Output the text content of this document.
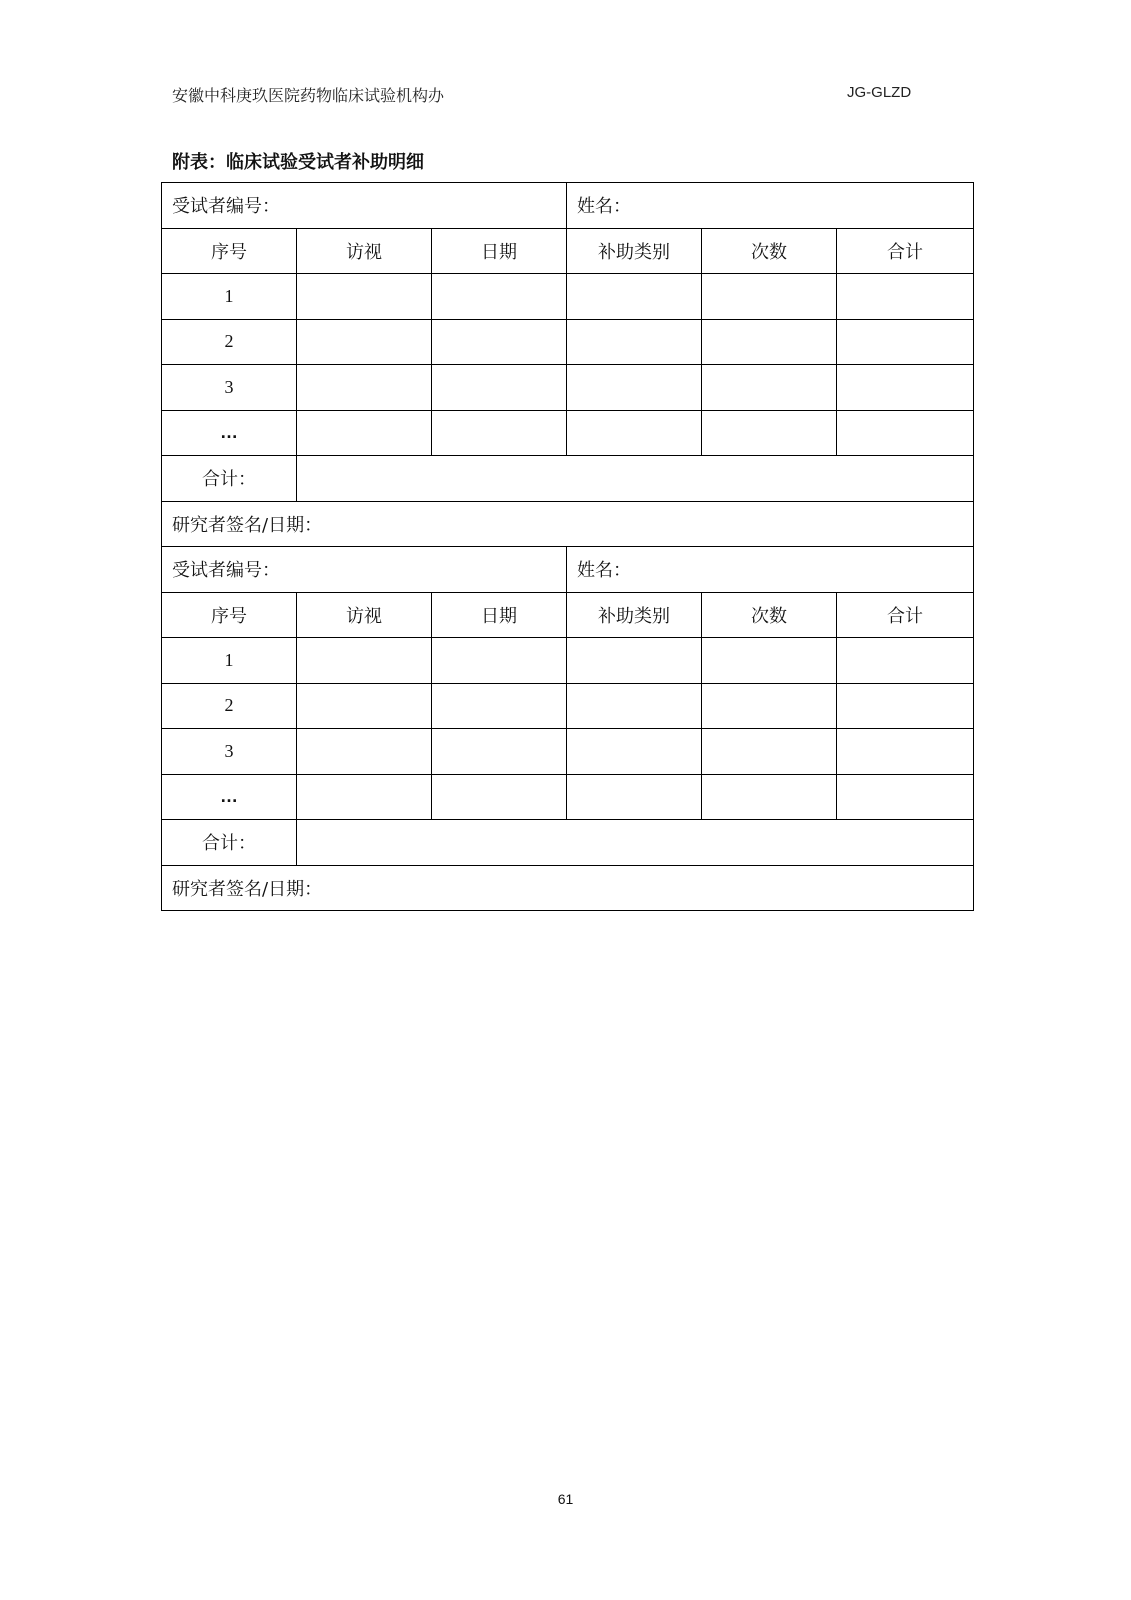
安徽中科庚玖医院药物临床试验机构办	JG-GLZD
附表：临床试验受试者补助明细
受试者编号：			姓名：		
序号	访视	日期	补助类别	次数	合计
1					
2					
3					
…					
合计：					
研究者签名/日期：					
受试者编号：			姓名：		
序号	访视	日期	补助类别	次数	合计
1					
2					
3					
…					
合计：					
研究者签名/日期：					
61
